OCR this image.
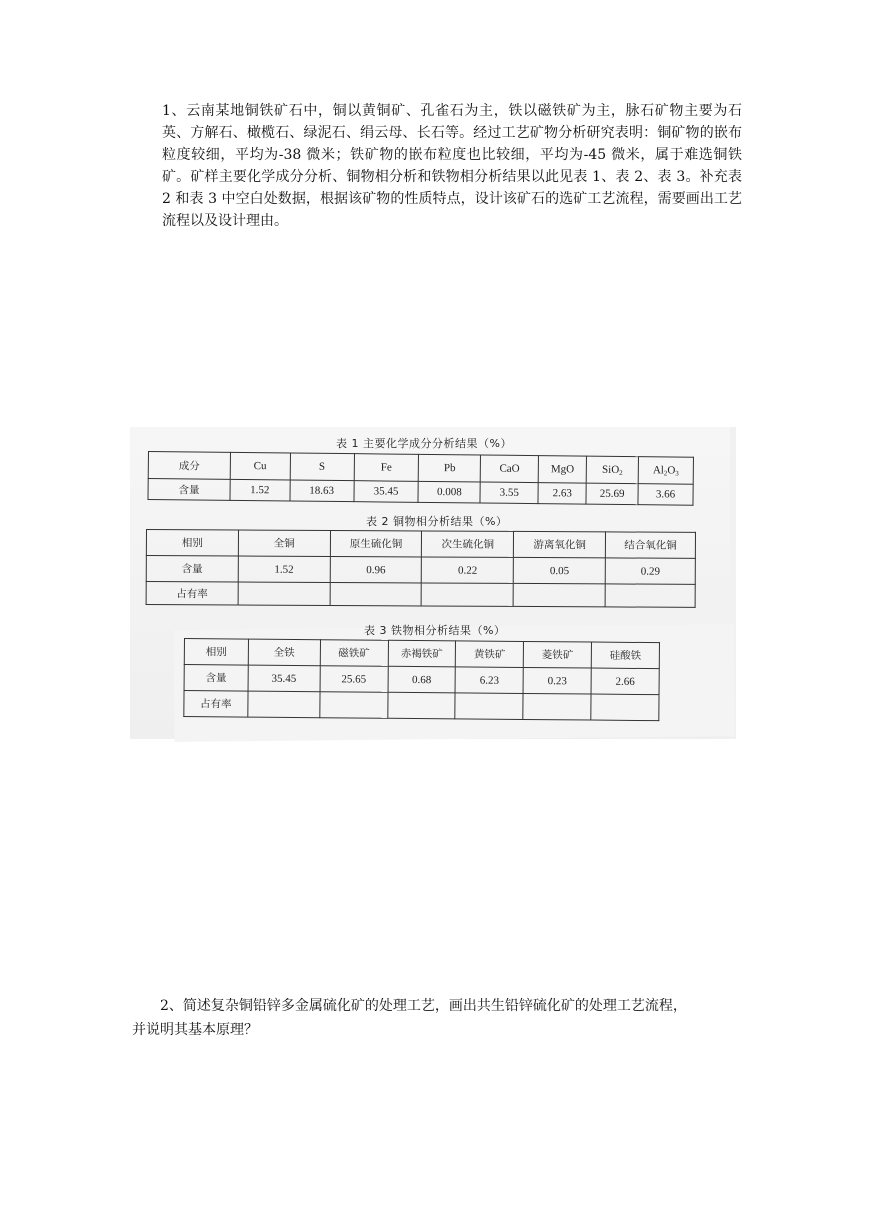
1、云南某地铜铁矿石中，铜以黄铜矿、孔雀石为主，铁以磁铁矿为主，脉石矿物主要为石英、方解石、橄榄石、绿泥石、绢云母、长石等。经过工艺矿物分析研究表明：铜矿物的嵌布粒度较细，平均为-38 微米；铁矿物的嵌布粒度也比较细，平均为-45 微米，属于难选铜铁矿。矿样主要化学成分分析、铜物相分析和铁物相分析结果以此见表 1、表 2、表 3。补充表 2 和表 3 中空白处数据，根据该矿物的性质特点，设计该矿石的选矿工艺流程，需要画出工艺流程以及设计理由。
表 1 主要化学成分分析结果（%）
成分	Cu	S	Fe	Pb	CaO	MgO	SiO$_2$	$Al_2O_3$
含量	1.52	18.63	35.45	0.008	3.55	2.63	25.69	3.66
表 2 铜物相分析结果（%）
相别	全铜	原生硫化铜	次生硫化铜	游离氧化铜	结合氧化铜
含量	1.52	0.96	0.22	0.05	0.29
占有率					
表 3 铁物相分析结果（%）
相别	全铁	磁铁矿	赤褐铁矿	黄铁矿	菱铁矿	硅酸铁
含量	35.45	25.65	0.68	6.23	0.23	2.66
占有率						
2、简述复杂铜铅锌多金属硫化矿的处理工艺，画出共生铅锌硫化矿的处理工艺流程，
并说明其基本原理？
